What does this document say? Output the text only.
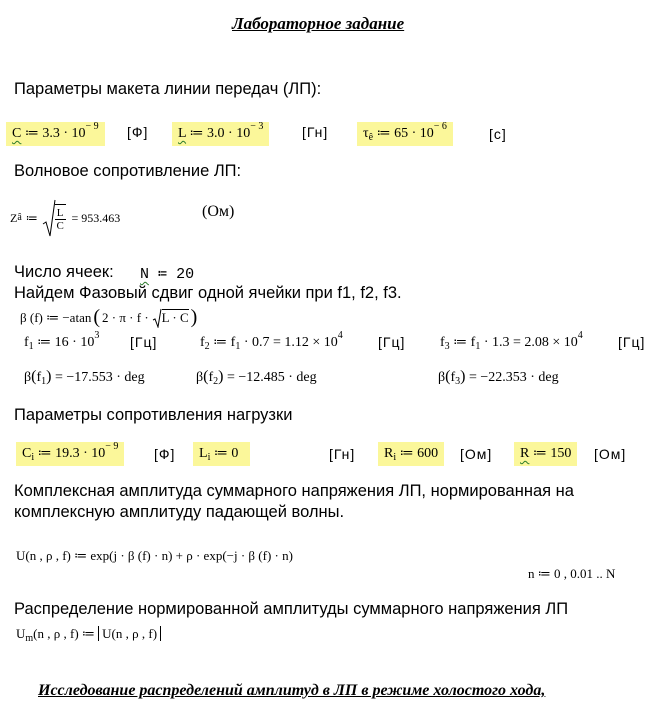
Лабораторное задание
Параметры макета линии передач (ЛП):
C ≔ $3.3 \cdot 10^{- 9}$	[Ф]	L ≔ $3.0 \cdot 10^{- 3}$	[Гн]	$\tau_ê$ ≔ $65 \cdot 10^{- 6}$	[с]
Волновое сопротивление ЛП:
Z â ≔ $\frac{L}{C} = 953.463$	(Ом)
Число ячеек: N ≔ 20
Найдем Фазовый сдвиг одной ячейки при f1, f2, f3.
β (f) ≔ −atan ( 2 · π · f · L · C )
$f_1$ ≔ $16 \cdot 10^3$ [Гц]	$f_2$ ≔ $f_1 \cdot 0.7 = 1.12 \times 10^4$	[Гц] $f_3$ ≔ $f_1 \cdot 1.3 = 2.08 \times 10^4$	[Гц]
$\beta(f_1) = -17.553$ · deg	$\beta(f_2) = -12.485$ · deg	$\beta(f_3) = -22.353$ · deg
Параметры сопротивления нагрузки
$C_i$ ≔ $19.3 \cdot 10^{- 9}$	[Ф]	$L_i$ ≔ 0	[Гн]	$R_i$ ≔ 600	[Ом]	R ≔ 150	[Ом]
Комплексная амплитуда суммарного напряжения ЛП, нормированная на
комплексную амплитуду падающей волны.
U(n , ρ , f) ≔ exp(j · β (f) · n) + ρ · exp(−j · β (f) · n)
n ≔ 0 , 0.01 .. N
Распределение нормированной амплитуды суммарного напряжения ЛП
$U_m(n$ , ρ , f) ≔ U(n , ρ , f)
Исследование распределений амплитуд в ЛП в режиме холостого хода,
